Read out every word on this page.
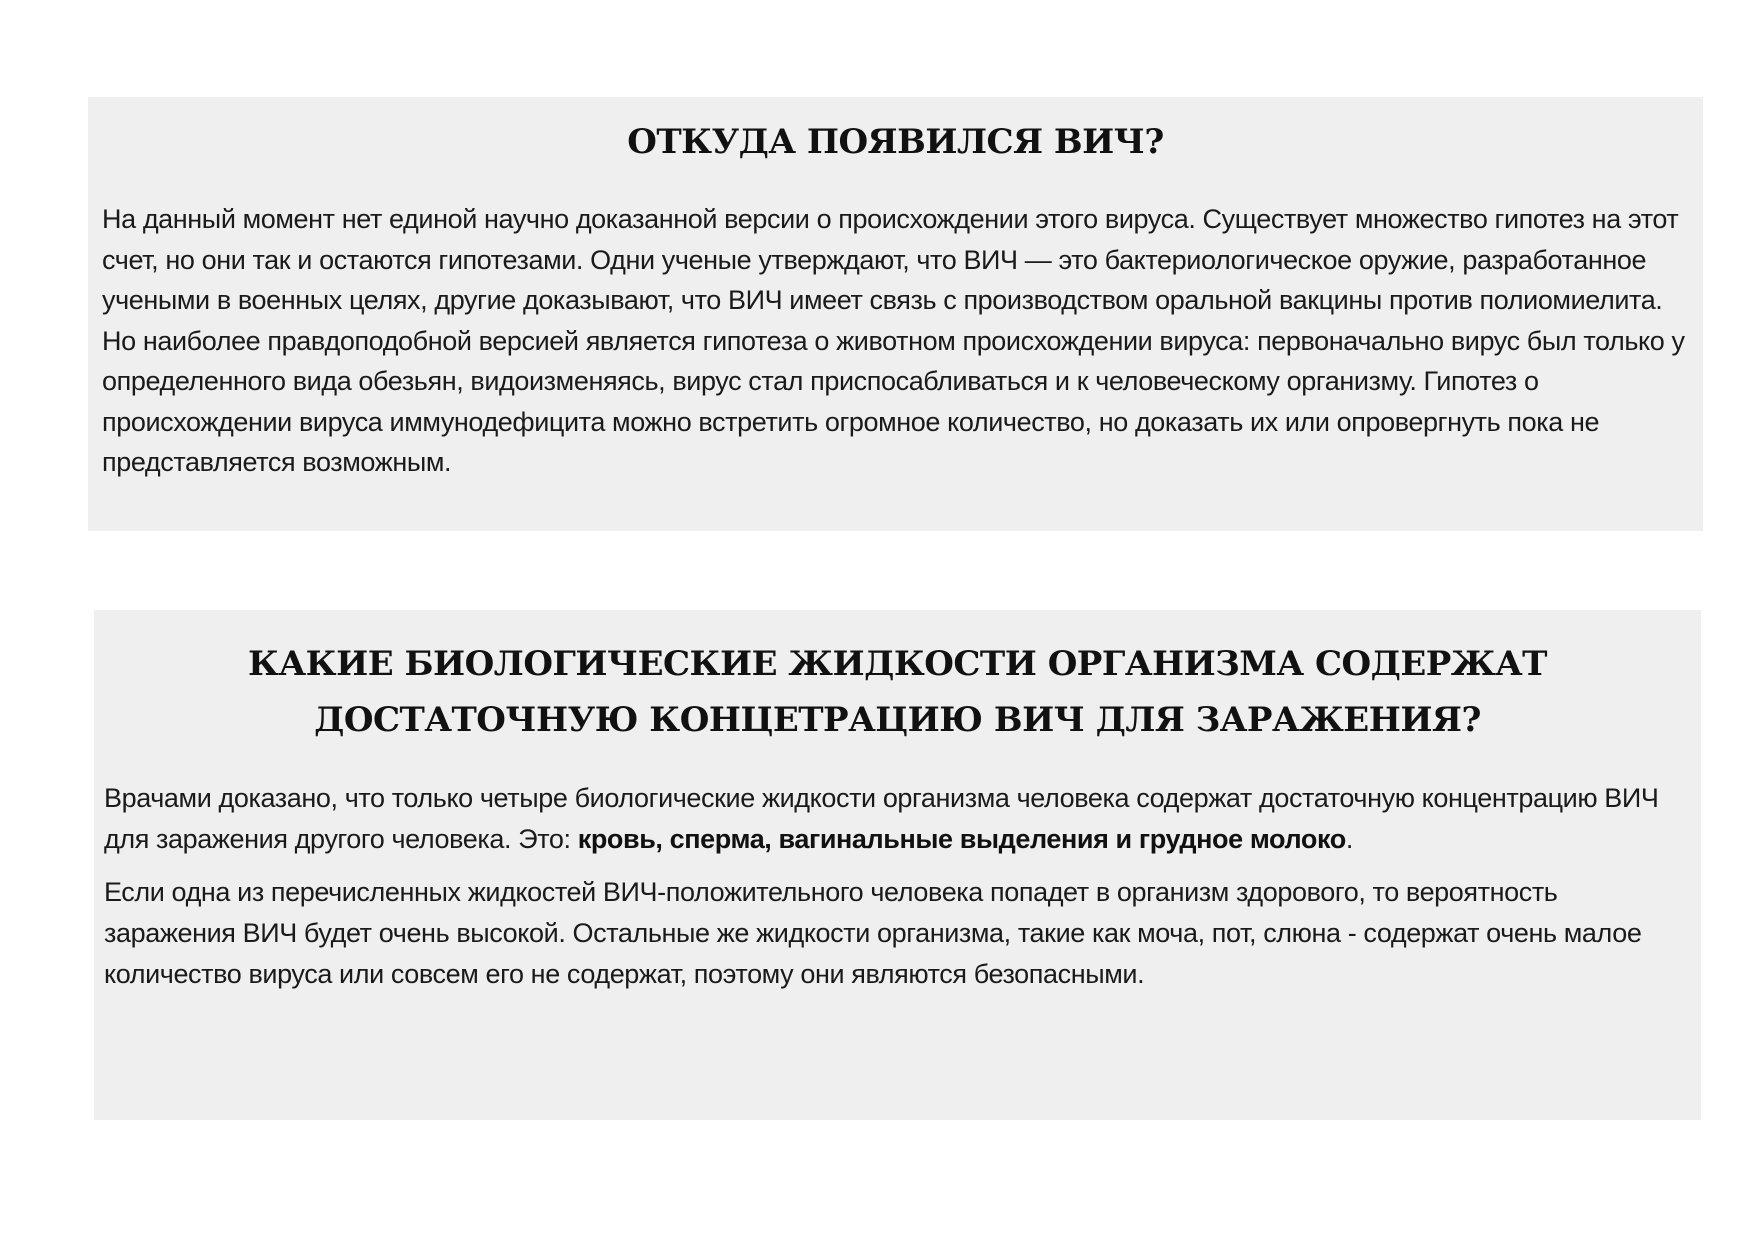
ОТКУДА ПОЯВИЛСЯ ВИЧ?

На данный момент нет единой научно доказанной версии о происхождении этого вируса. Существует множество гипотез на этот счет, но они так и остаются гипотезами. Одни ученые утверждают, что ВИЧ — это бактериологическое оружие, разработанное учеными в военных целях, другие доказывают, что ВИЧ имеет связь с производством оральной вакцины против полиомиелита. Но наиболее правдоподобной версией является гипотеза о животном происхождении вируса: первоначально вирус был только у определенного вида обезьян, видоизменяясь, вирус стал приспосабливаться и к человеческому организму. Гипотез о происхождении вируса иммунодефицита можно встретить огромное количество, но доказать их или опровергнуть пока не представляется возможным.

КАКИЕ БИОЛОГИЧЕСКИЕ ЖИДКОСТИ ОРГАНИЗМА СОДЕРЖАТ ДОСТАТОЧНУЮ КОНЦЕТРАЦИЮ ВИЧ ДЛЯ ЗАРАЖЕНИЯ?

Врачами доказано, что только четыре биологические жидкости организма человека содержат достаточную концентрацию ВИЧ для заражения другого человека. Это: кровь, сперма, вагинальные выделения и грудное молоко.

Если одна из перечисленных жидкостей ВИЧ-положительного человека попадет в организм здорового, то вероятность заражения ВИЧ будет очень высокой. Остальные же жидкости организма, такие как моча, пот, слюна - содержат очень малое количество вируса или совсем его не содержат, поэтому они являются безопасными.
